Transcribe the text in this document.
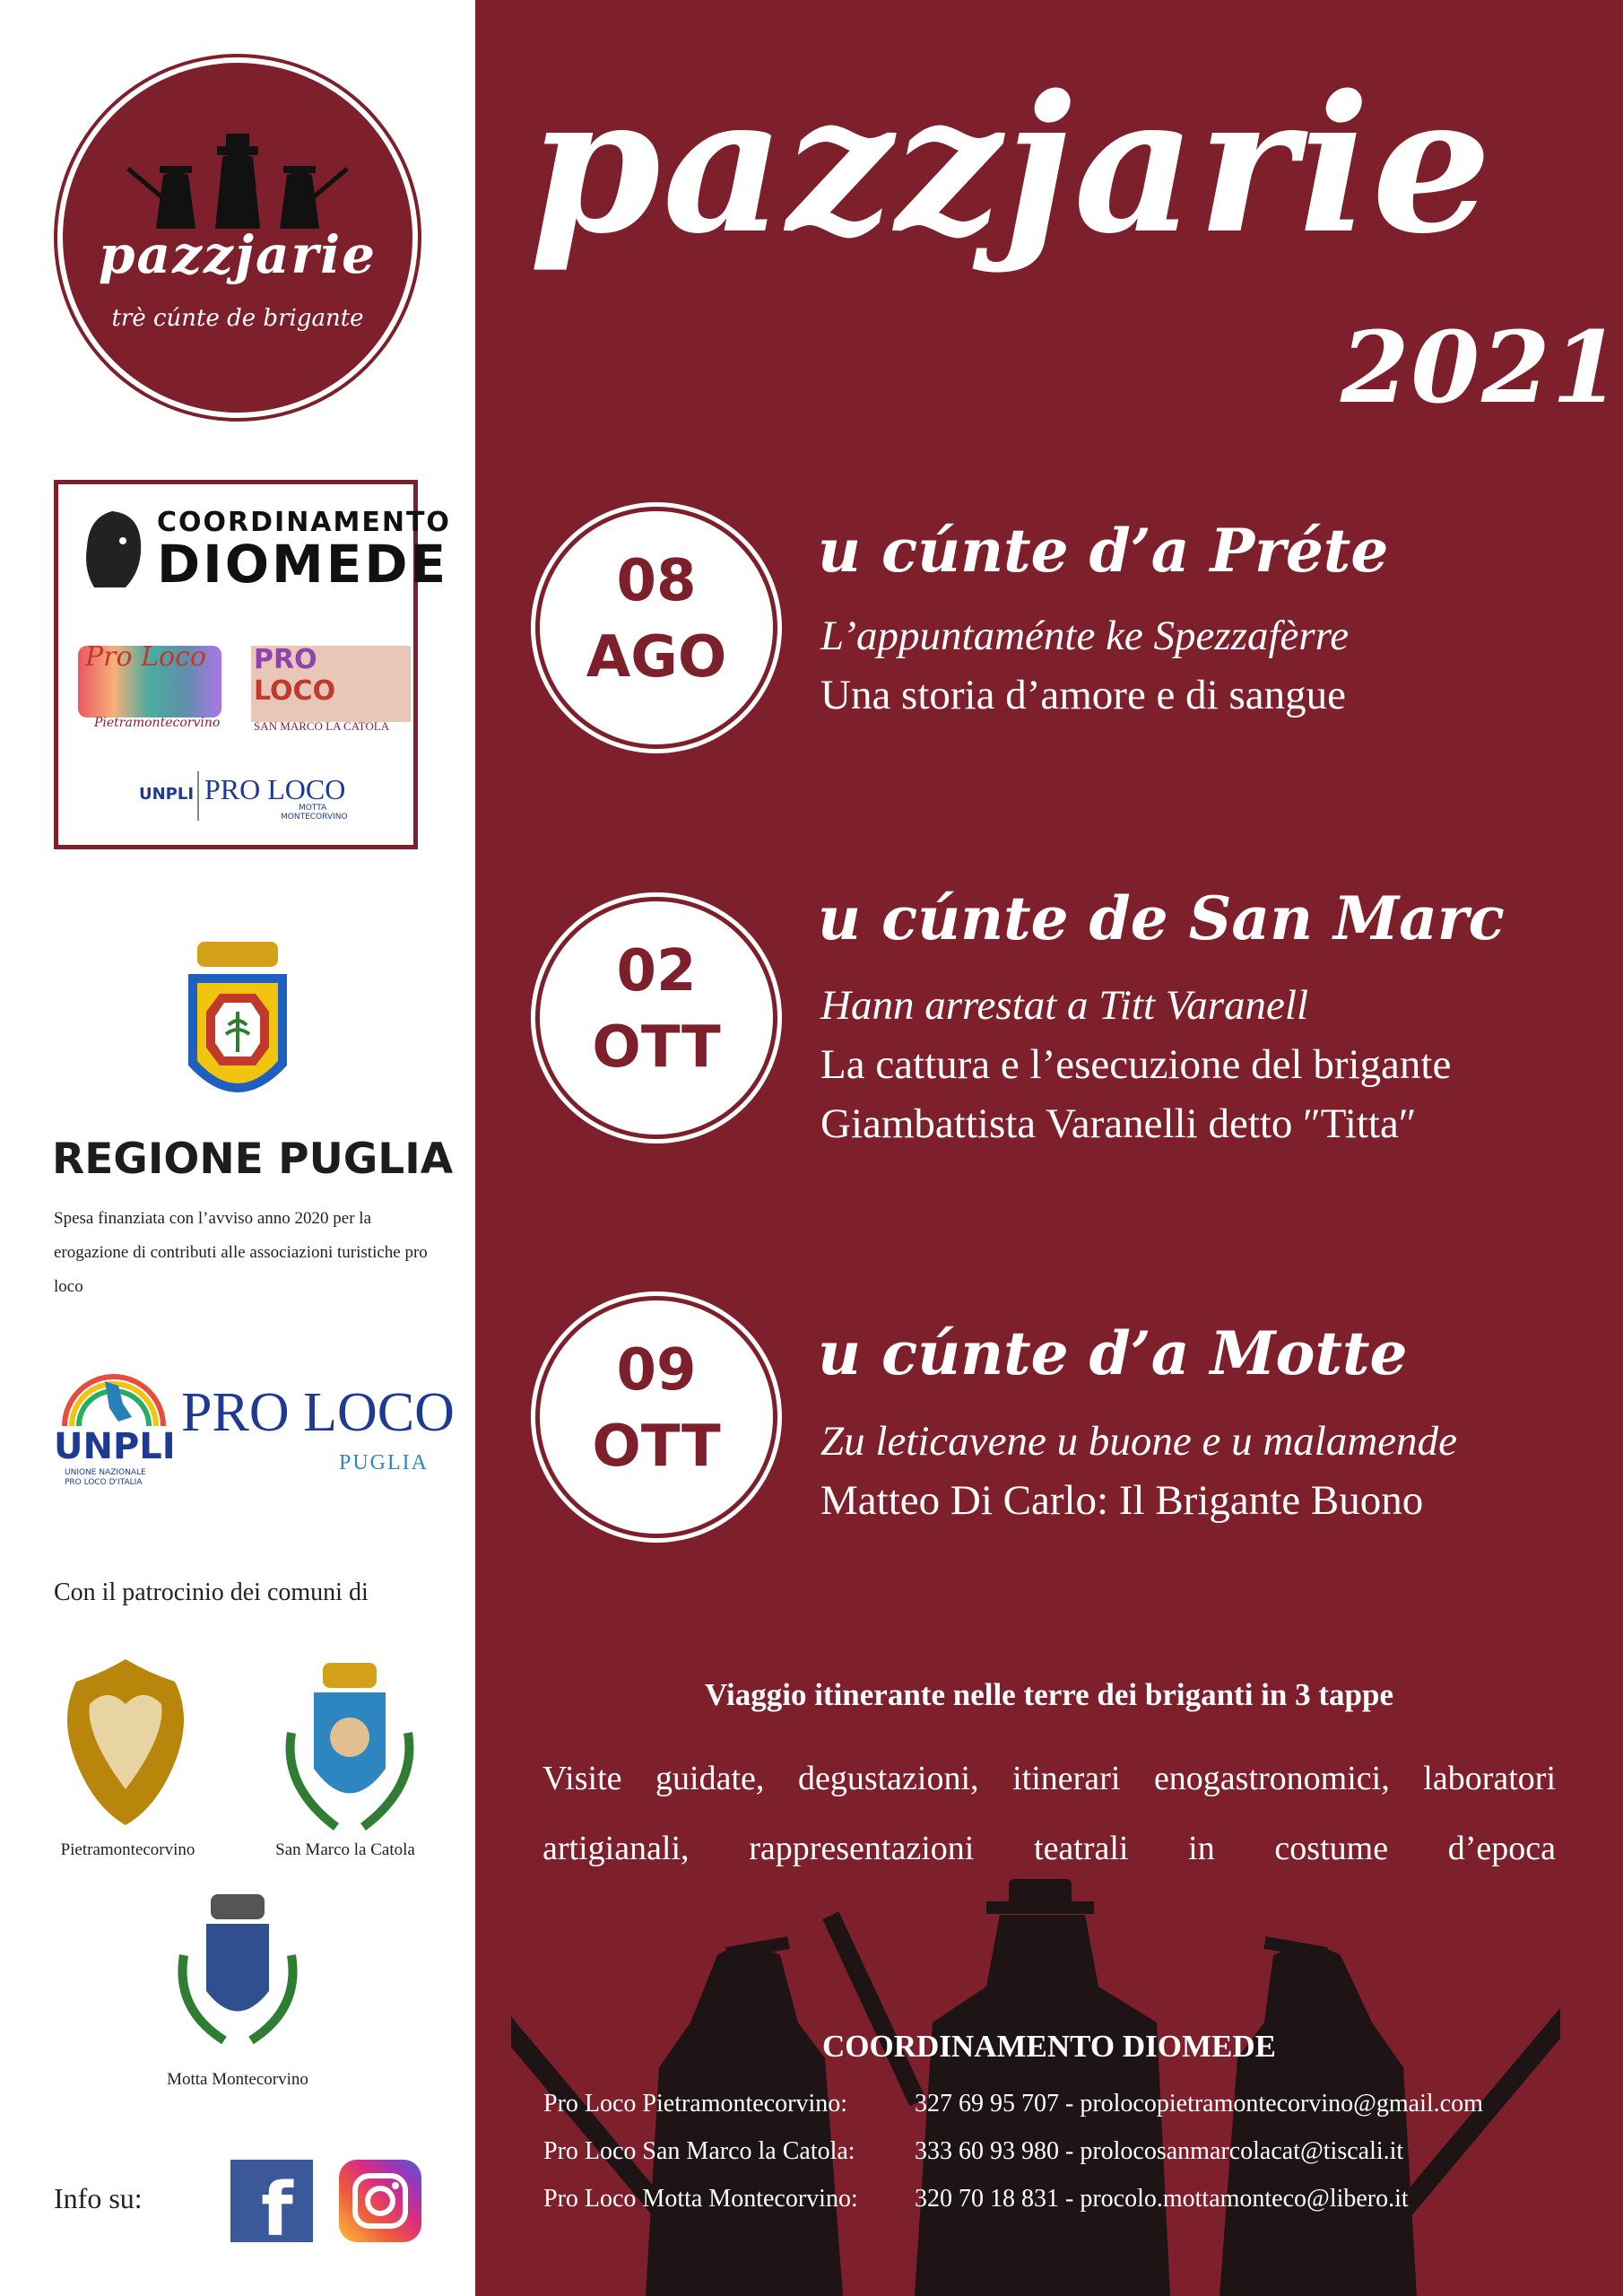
pazzjarie
trè cúnte de brigante
COORDINAMENTO
DIOMEDE
Pro Loco
Pietramontecorvino
PRO
LOCO
SAN MARCO LA CATOLA
UNPLI PRO LOCO
MOTTA
MONTECORVINO
REGIONE PUGLIA
Spesa finanziata con l’avviso anno 2020 per la erogazione di contributi alle associazioni turistiche pro loco
UNPLI
UNIONE NAZIONALE
PRO LOCO D'ITALIA
PRO LOCO
PUGLIA
Con il patrocinio dei comuni di
Pietramontecorvino	San Marco la Catola
Motta Montecorvino
Info su: f
pazzjarie
2021
08
AGO
u cúnte d’a Préte
L’appuntaménte ke Spezzafèrre
Una storia d’amore e di sangue
02
OTT
u cúnte de San Marc
Hann arrestat a Titt Varanell
La cattura e l’esecuzione del brigante
Giambattista Varanelli detto ″Titta″
09
OTT
u cúnte d’a Motte
Zu leticavene u buone e u malamende
Matteo Di Carlo: Il Brigante Buono
Viaggio itinerante nelle terre dei briganti in 3 tappe
Visite guidate, degustazioni, itinerari enogastronomici, laboratori artigianali, rappresentazioni teatrali in costume d’epoca
COORDINAMENTO DIOMEDE
Pro Loco Pietramontecorvino:	327 69 95 707 - prolocopietramontecorvino@gmail.com
Pro Loco San Marco la Catola: 333 60 93 980 - prolocosanmarcolacat@tiscali.it
Pro Loco Motta Montecorvino: 320 70 18 831 - procolo.mottamonteco@libero.it
